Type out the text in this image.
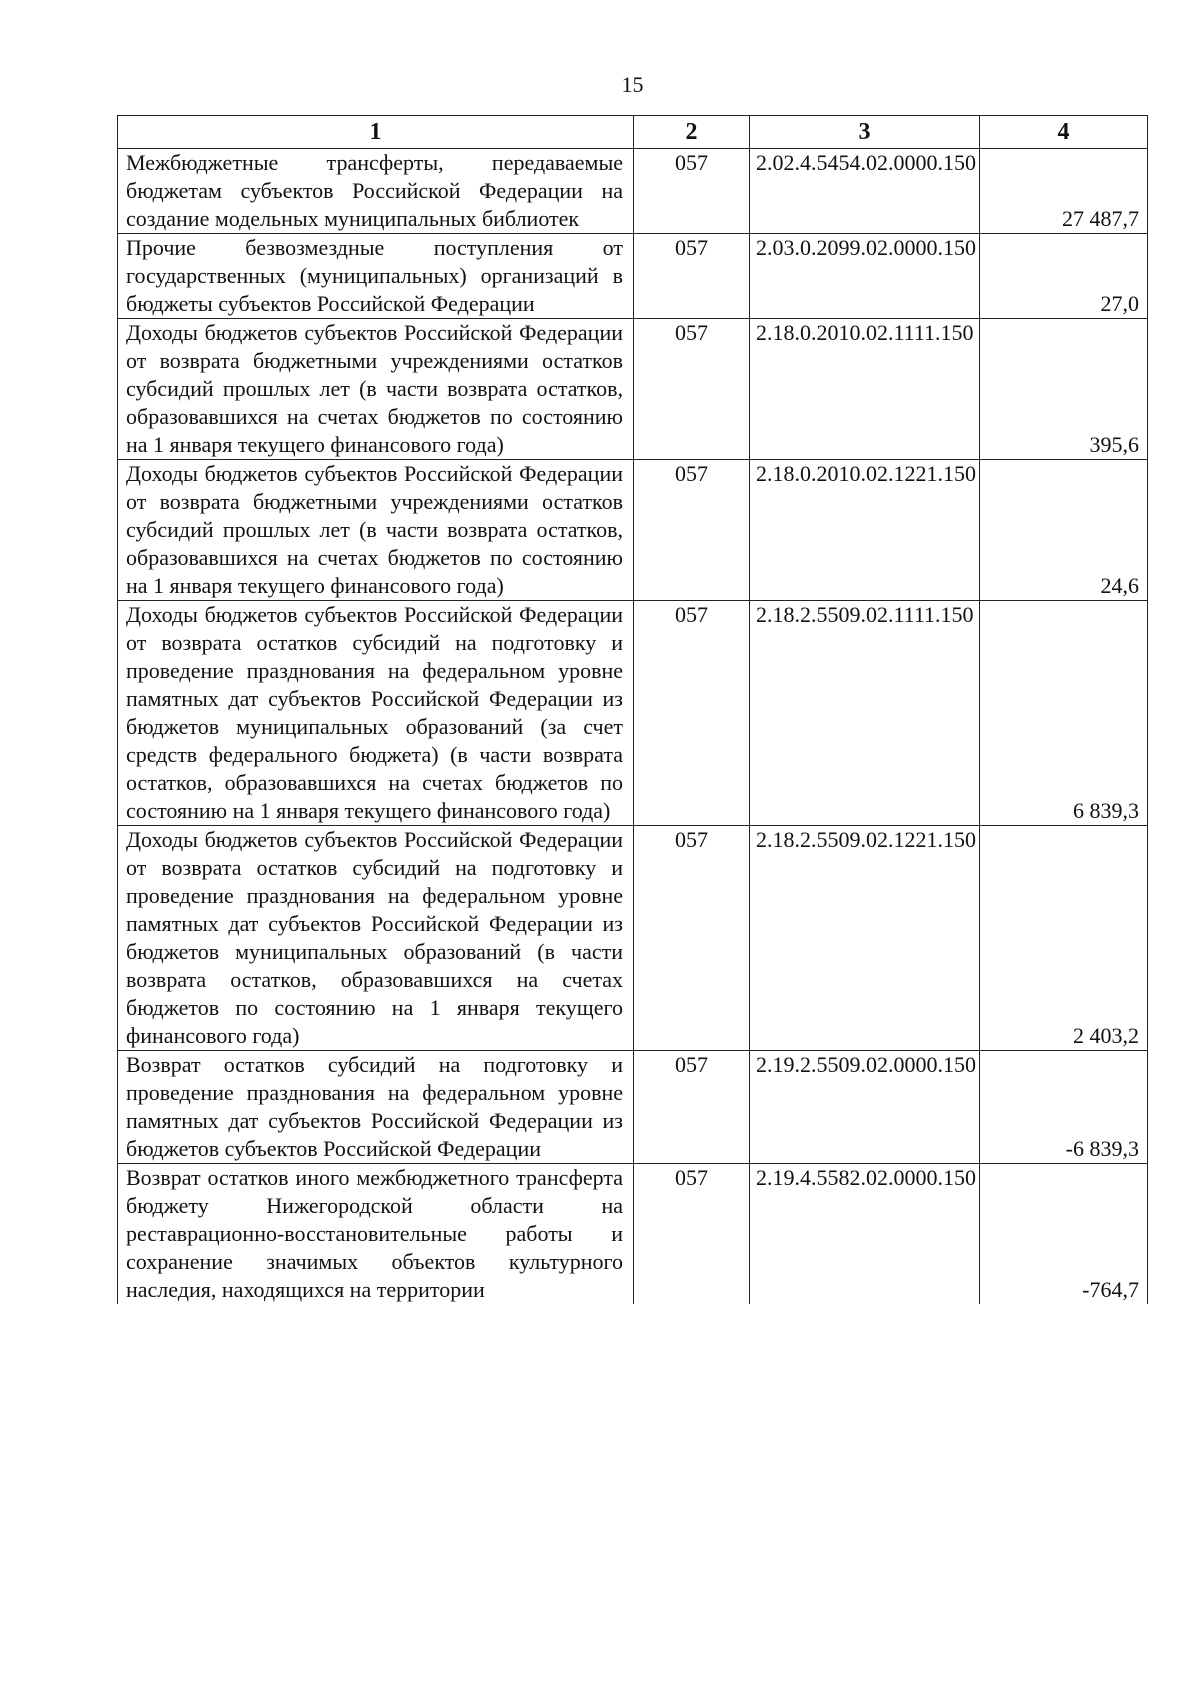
15
1	2	3	4
Межбюджетные трансферты, передаваемые бюджетам субъектов Российской Федерации на создание модельных муниципальных библиотек	057	2.02.4.5454.02.0000.150	27 487,7
Прочие безвозмездные поступления от государственных (муниципальных) организаций в бюджеты субъектов Российской Федерации	057	2.03.0.2099.02.0000.150	27,0
Доходы бюджетов субъектов Российской Федерации от возврата бюджетными учреждениями остатков субсидий прошлых лет (в части возврата остатков, образовавшихся на счетах бюджетов по состоянию на 1 января текущего финансового года)	057	2.18.0.2010.02.1111.150	395,6
Доходы бюджетов субъектов Российской Федерации от возврата бюджетными учреждениями остатков субсидий прошлых лет (в части возврата остатков, образовавшихся на счетах бюджетов по состоянию на 1 января текущего финансового года)	057	2.18.0.2010.02.1221.150	24,6
Доходы бюджетов субъектов Российской Федерации от возврата остатков субсидий на подготовку и проведение празднования на федеральном уровне памятных дат субъектов Российской Федерации из бюджетов муниципальных образований (за счет средств федерального бюджета) (в части возврата остатков, образовавшихся на счетах бюджетов по состоянию на 1 января текущего финансового года)	057	2.18.2.5509.02.1111.150	6 839,3
Доходы бюджетов субъектов Российской Федерации от возврата остатков субсидий на подготовку и проведение празднования на федеральном уровне памятных дат субъектов Российской Федерации из бюджетов муниципальных образований (в части возврата остатков, образовавшихся на счетах бюджетов по состоянию на 1 января текущего финансового года)	057	2.18.2.5509.02.1221.150	2 403,2
Возврат остатков субсидий на подготовку и проведение празднования на федеральном уровне памятных дат субъектов Российской Федерации из бюджетов субъектов Российской Федерации	057	2.19.2.5509.02.0000.150	-6 839,3
Возврат остатков иного межбюджетного трансферта бюджету Нижегородской области на реставрационно-восстановительные работы и сохранение значимых объектов культурного наследия, находящихся на территории	057	2.19.4.5582.02.0000.150	-764,7
